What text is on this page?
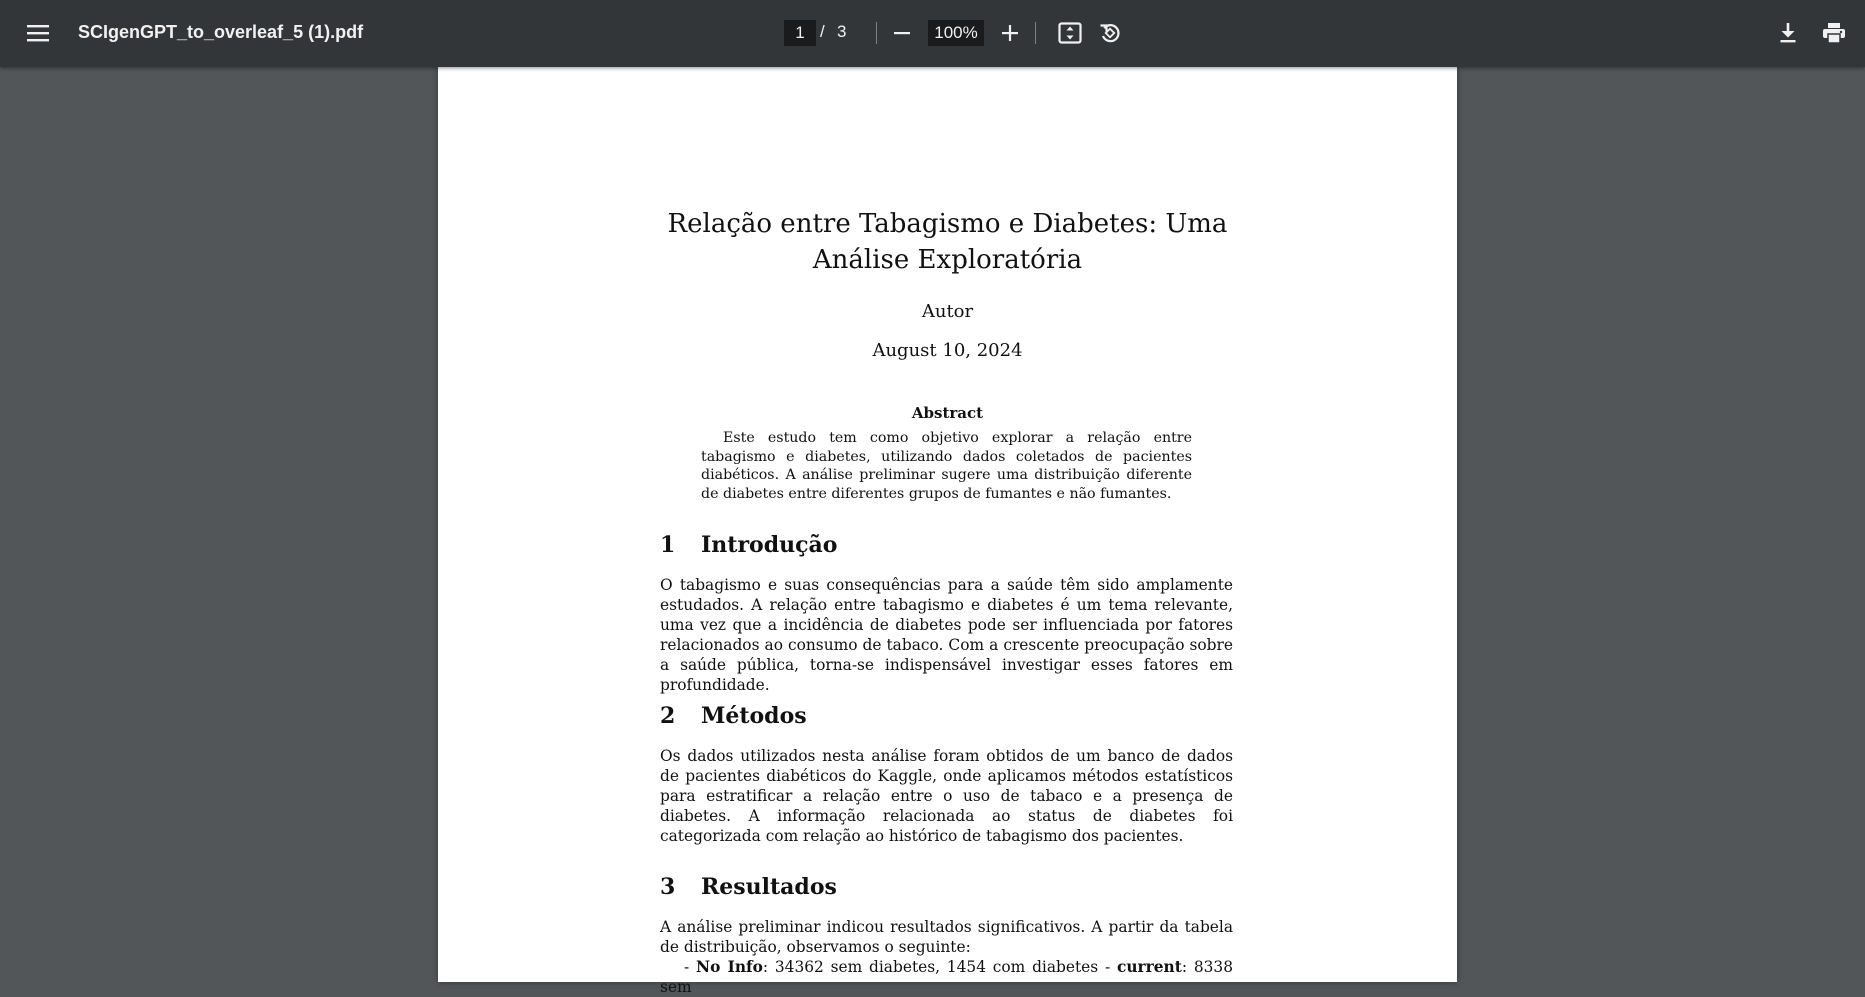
SCIgenGPT_to_overleaf_5 (1).pdf
1	/ 3
100%
Relação entre Tabagismo e Diabetes: Uma
Análise Exploratória
Autor
August 10, 2024
Abstract

Este estudo tem como objetivo explorar a relação entre tabagismo e diabetes, utilizando dados coletados de pacientes diabéticos. A análise preliminar sugere uma distribuição diferente de diabetes entre diferentes grupos de fumantes e não fumantes.

1 Introdução

O tabagismo e suas consequências para a saúde têm sido amplamente estudados. A relação entre tabagismo e diabetes é um tema relevante, uma vez que a incidência de diabetes pode ser influenciada por fatores relacionados ao consumo de tabaco. Com a crescente preocupação sobre a saúde pública, torna-se indispensável investigar esses fatores em profundidade.

2 Métodos

Os dados utilizados nesta análise foram obtidos de um banco de dados de pacientes diabéticos do Kaggle, onde aplicamos métodos estatísticos para estratificar a relação entre o uso de tabaco e a presença de diabetes. A informação relacionada ao status de diabetes foi categorizada com relação ao histórico de tabagismo dos pacientes.

3 Resultados

A análise preliminar indicou resultados significativos. A partir da tabela de distribuição, observamos o seguinte:

- No Info: 34362 sem diabetes, 1454 com diabetes - current: 8338 sem
